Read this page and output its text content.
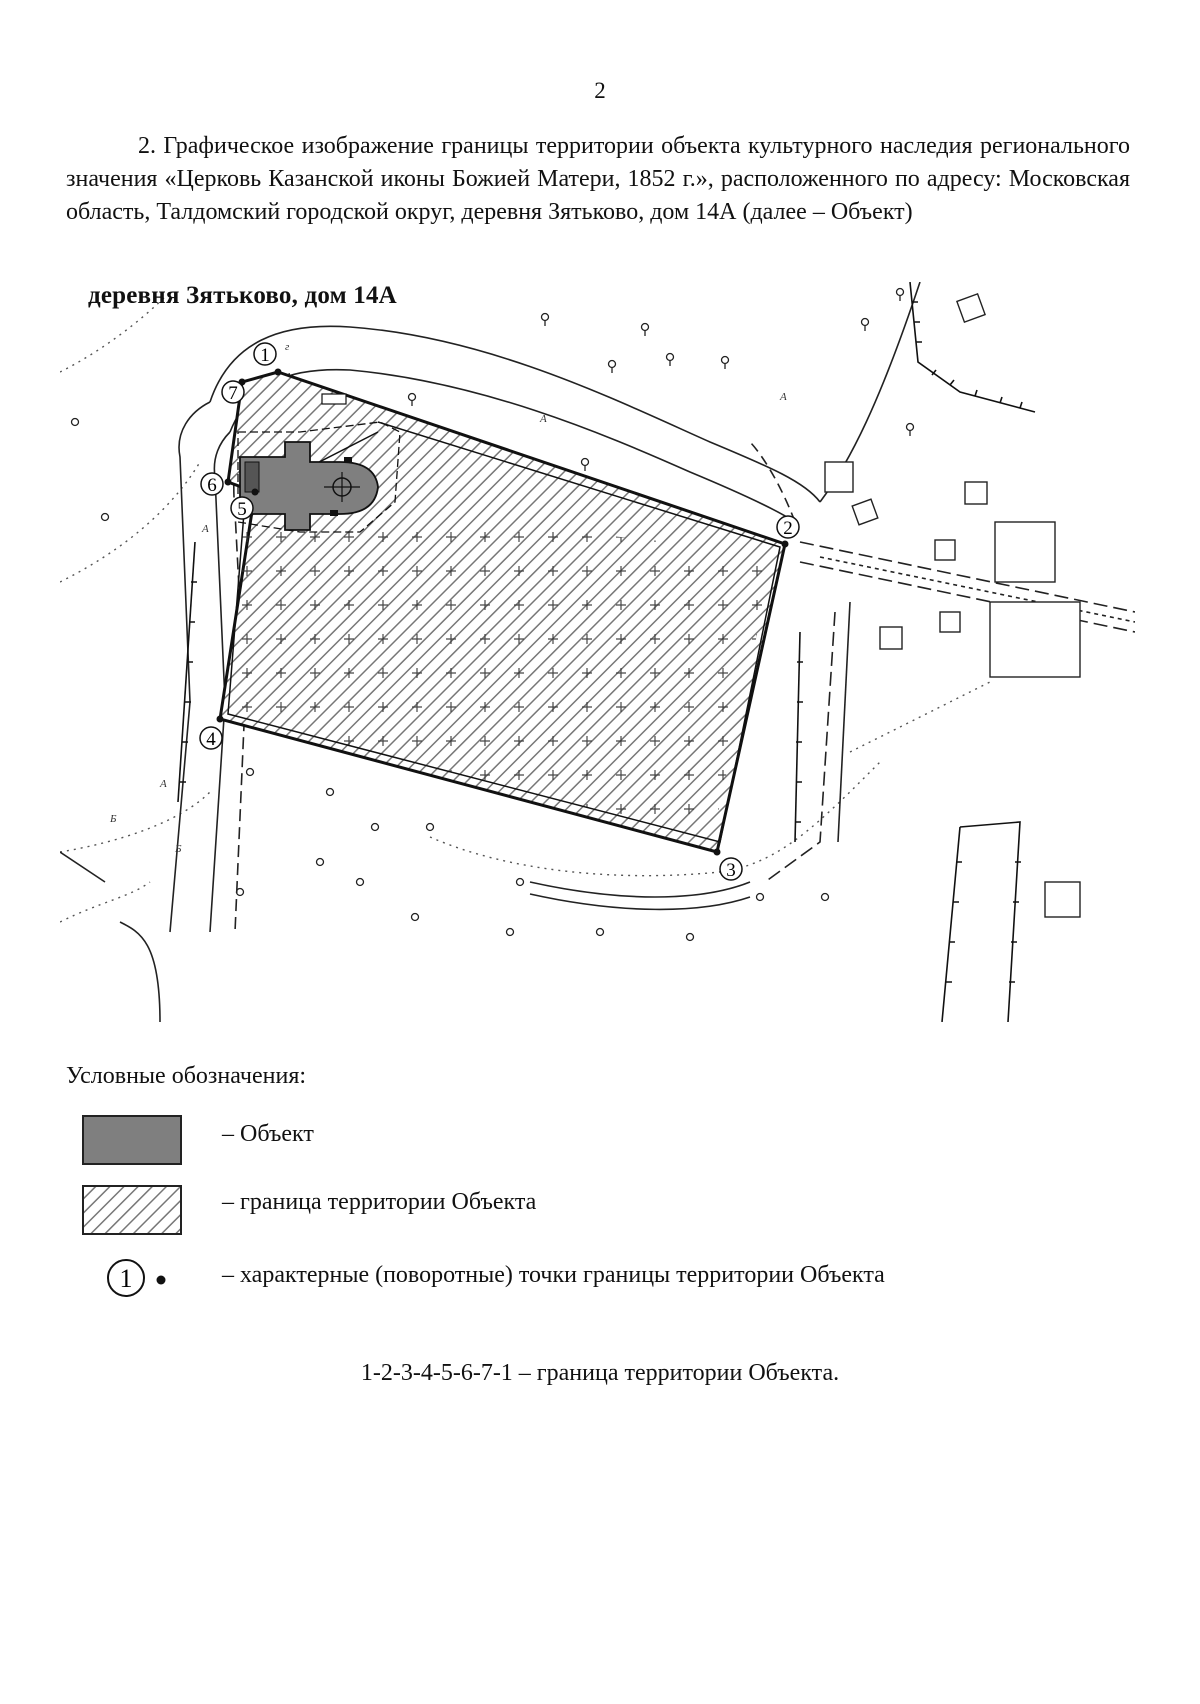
2

2. Графическое изображение границы территории объекта культурного наследия регионального значения «Церковь Казанской иконы Божией Матери, 1852 г.», расположенного по адресу: Московская область, Талдомский городской округ, деревня Зятьково, дом 14А (далее – Объект)

г
А
А
А
А
Б
Б
1
2
3
4
5
6
7
деревня Зятьково, дом 14А
Условные обозначения:
– Объект
– граница территории Объекта
1	– характерные (поворотные) точки границы территории Объекта
1-2-3-4-5-6-7-1 – граница территории Объекта.
